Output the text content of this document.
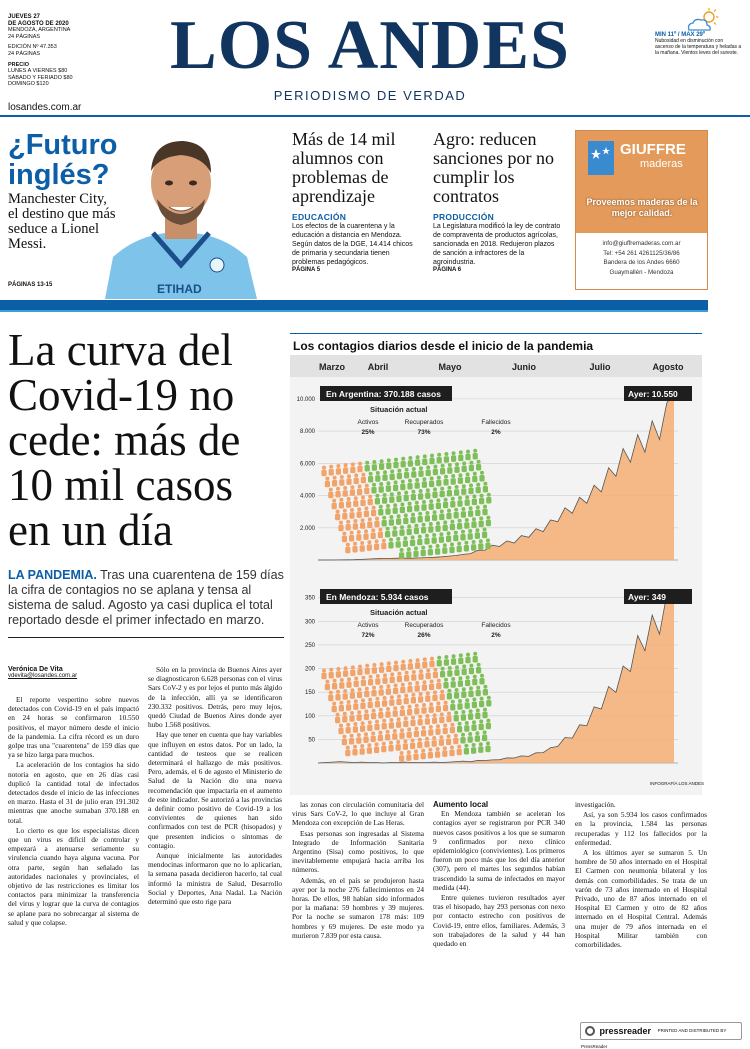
JUEVES 27
DE AGOSTO DE 2020
MENDOZA, ARGENTINA
24 PÁGINAS
EDICIÓN Nº 47.353
24 PÁGINAS
PRECIO
LUNES A VIERNES $80
SÁBADO Y FERIADO $80
DOMINGO $120
LOS ANDES
PERIODISMO DE VERDAD
losandes.com.ar
MIN 11º / MAX 29º
Nubosidad en disminución con ascenso de la temperatura y heladas a la mañana. Vientos leves del sureste.
¿Futuro inglés?
Manchester City, el destino que más seduce a Lionel Messi.
PÁGINAS 13-15	ETIHAD
Más de 14 mil alumnos con problemas de aprendizaje
EDUCACIÓN
Los efectos de la cuarentena y la educación a distancia en Mendoza. Según datos de la DGE, 14.414 chicos de primaria y secundaria tienen problemas pedagógicos.
PÁGINA 5
Agro: reducen sanciones por no cumplir los contratos
PRODUCCIÓN
La Legislatura modificó la ley de contrato de compraventa de productos agrícolas, sancionada en 2018. Redujeron plazos de sanción a infractores de la agroindustria.
PÁGINA 6
GIUFFRE
maderas
Proveemos maderas de la mejor calidad.
info@giuffremaderas.com.ar
Tel: +54 261 4261125/36/86
Bandera de los Andes 6660
Guaymallén - Mendoza
La curva del Covid-19 no cede: más de 10 mil casos en un día
LA PANDEMIA. Tras una cuarentena de 159 días la cifra de contagios no se aplana y tensa al sistema de salud. Agosto ya casi duplica el total reportado desde el primer infectado en marzo.
Verónica De Vita
vdevita@losandes.com.ar

El reporte vespertino sobre nuevos detectados con Covid-19 en el país impactó en 24 horas se confirmaron 10.550 positivos, el mayor número desde el inicio de la pandemia. La cifra récord es un duro golpe tras una "cuarentena" de 159 días que ya se hizo larga para muchos.

La aceleración de los contagios ha sido notoria en agosto, que en 26 días casi duplicó la cantidad total de infectados detectados desde el inicio de las infecciones en marzo. Hasta el 31 de julio eran 191.302 mientras que anoche sumaban 370.188 en total.

Lo cierto es que los especialistas dicen que un virus es difícil de controlar y empezará a atenuarse seriamente su virulencia cuando haya alguna vacuna. Por otra parte, según han señalado las autoridades nacionales y provinciales, el objetivo de las restricciones es limitar los contactos para minimizar la transferencia del virus y lograr que la curva de contagios se aplane para no sobrecargar al sistema de salud y que colapse.

Sólo en la provincia de Buenos Aires ayer se diagnosticaron 6.628 personas con el virus Sars CoV-2 y es por lejos el punto más álgido de la infección, allí ya se identificaron 230.332 positivos. Detrás, pero muy lejos, quedó Ciudad de Buenos Aires donde ayer hubo 1.568 positivos.

Hay que tener en cuenta que hay variables que influyen en estos datos. Por un lado, la cantidad de testeos que se realicen determinará el hallazgo de más positivos. Pero, además, el 6 de agosto el Ministerio de Salud de la Nación dio una nueva recomendación que impactaría en el aumento de este indicador. Se autorizó a las provincias a definir como positivo de Covid-19 a los convivientes de quienes han sido confirmados con test de PCR (hisopados) y que presenten indicios o síntomas de contagio.

Aunque inicialmente las autoridades mendocinas informaron que no lo aplicarían, la semana pasada decidieron hacerlo, tal cual informó la ministra de Salud, Desarrollo Social y Deportes, Ana Nadal. La Nación determinó que esto rige para

las zonas con circulación comunitaria del virus Sars CoV-2, lo que incluye al Gran Mendoza con excepción de Las Heras.

Esas personas son ingresadas al Sistema Integrado de Información Sanitaria Argentino (Sisa) como positivos, lo que inevitablemente empujará hacia arriba los números.

Además, en el país se produjeron hasta ayer por la noche 276 fallecimientos en 24 horas. De ellos, 98 habían sido informados por la mañana: 59 hombres y 39 mujeres. Por la noche se sumaron 178 más: 109 hombres y 69 mujeres. De este modo ya murieron 7.839 por esta causa.

Aumento local

En Mendoza también se aceleran los contagios ayer se registraron por PCR 340 nuevos casos positivos a los que se sumaron 9 confirmados por nexo clínico epidemiológico (convivientes). Los primeros fueron un poco más que los del día anterior (307), pero el martes los segundos habían trascendido la suma de infectados en mayor medida (44).

Entre quienes tuvieron resultados ayer tras el hisopado, hay 293 personas con nexo por contacto estrecho con positivos de Covid-19, entre ellos, familiares. Además, 3 son trabajadores de la salud y 44 han quedado en

investigación.

Así, ya son 5.934 los casos confirmados en la provincia, 1.584 las personas recuperadas y 112 los fallecidos por la enfermedad.

A los últimos ayer se sumaron 5. Un hombre de 50 años internado en el Hospital El Carmen con neumonía bilateral y los demás con comorbilidades. Se trata de un varón de 73 años internado en el Hospital Privado, uno de 87 años internado en el Hospital El Carmen y otro de 82 años internado en el Hospital Central. Además una mujer de 79 años internada en el Hospital Militar también con comorbilidades.

Los contagios diarios desde el inicio de la pandemia
Marzo	Abril	Mayo	Junio	Julio	Agosto
10.000
8.000
6.000
4.000
2.000
En Argentina: 370.188 casos	Ayer: 10.550
Situación actual
Activos
25%
Recuperados
73%
Fallecidos
2%
350
300
250
200
150
100
50
En Mendoza: 5.934 casos	Ayer: 349
Situación actual
Activos
72%
Recuperados
26%
Fallecidos
2%
INFOGRAFÍA LOS ANDES
pressreader $^{PRINTED AND DISTRIBUTED BY PressReader}$
